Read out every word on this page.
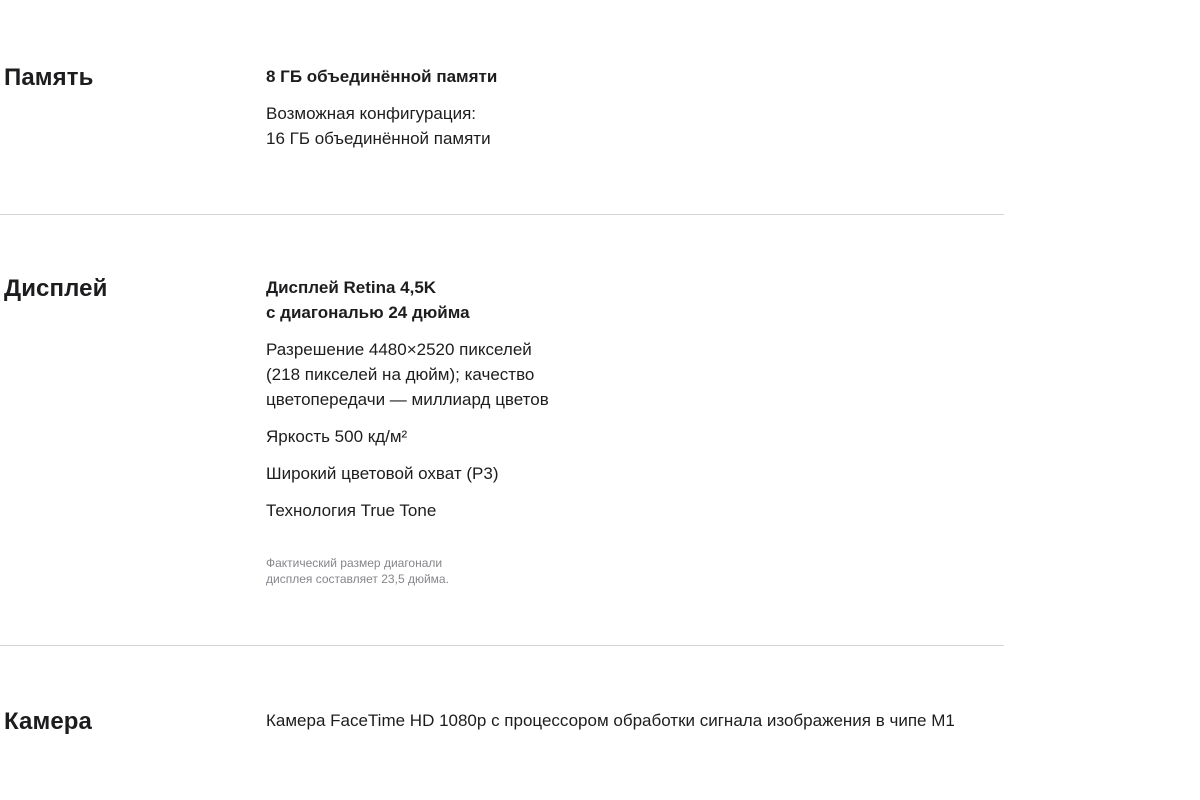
Память	8 ГБ объединённой памяти

Возможная конфигурация:
16 ГБ объединённой памяти

Дисплей	Дисплей Retina 4,5K
с диагональю 24 дюйма

Разрешение 4480×2520 пикселей (218 пикселей на дюйм); качество цветопередачи — миллиард цветов

Яркость 500 кд/м²

Широкий цветовой охват (P3)

Технология True Tone

Фактический размер диагонали дисплея составляет 23,5 дюйма.

Камера	Камера FaceTime HD 1080p с процессором обработки сигнала изображения в чипе M1
